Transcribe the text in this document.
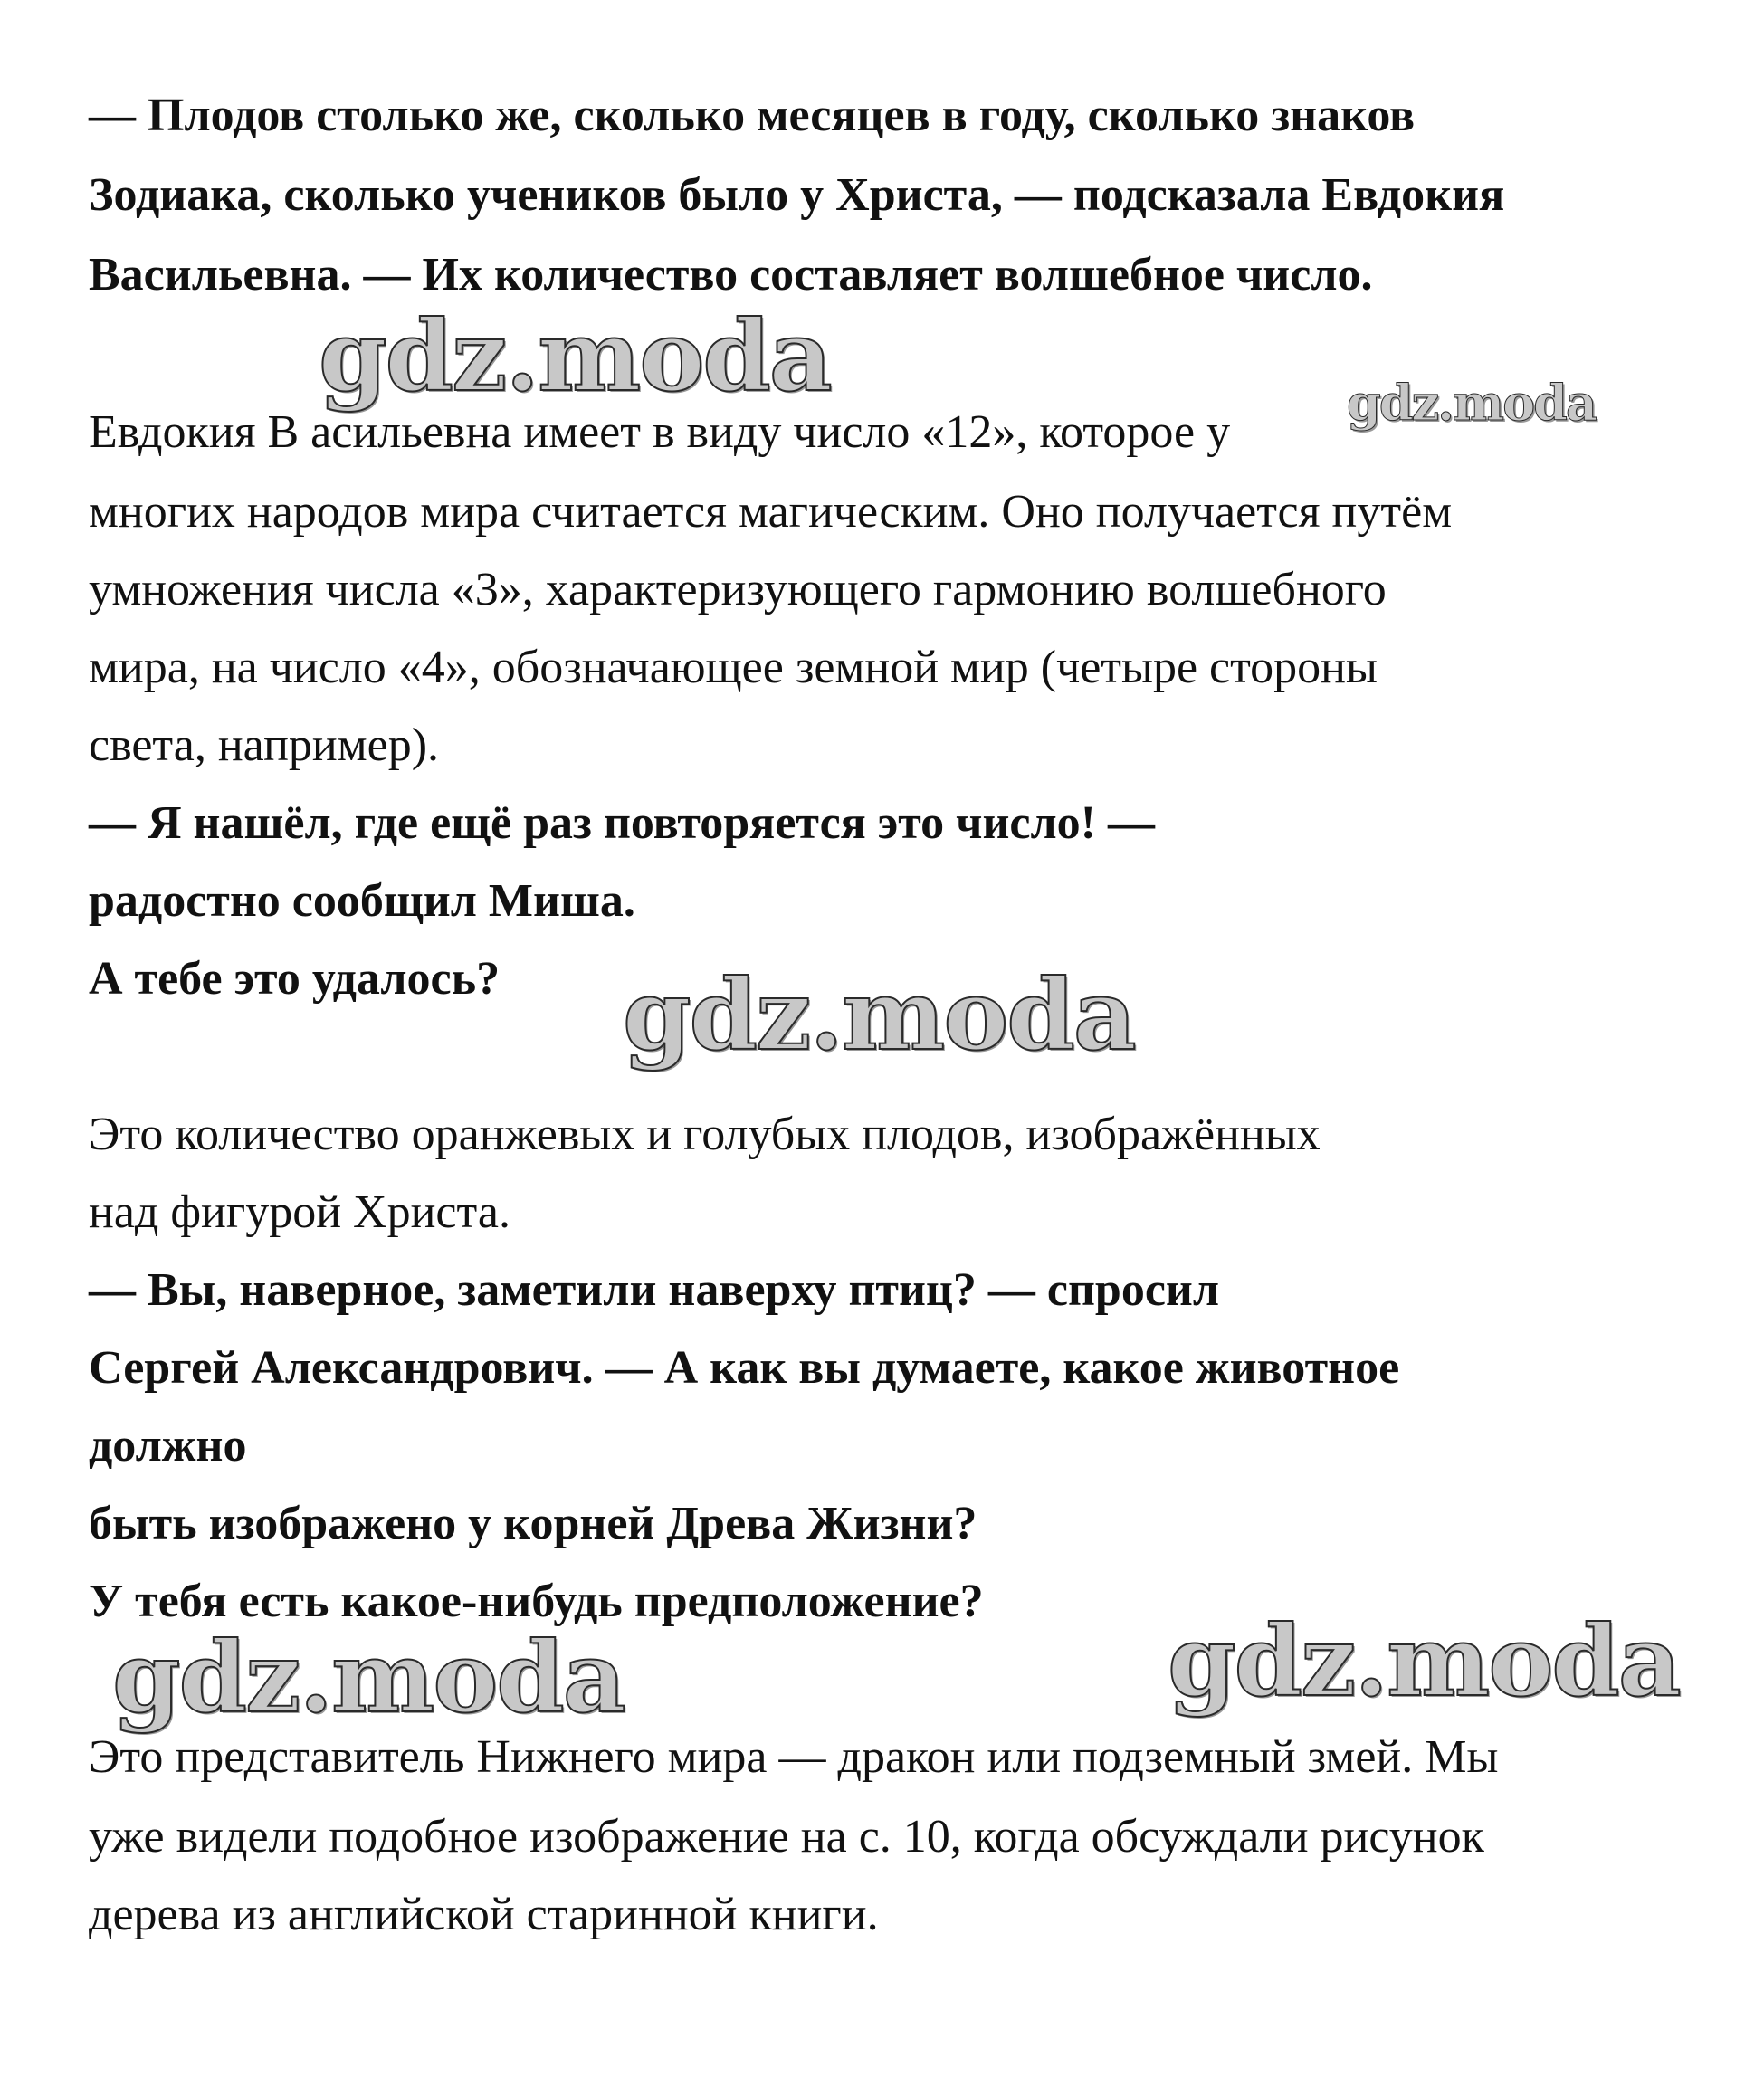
— Плодов столько же, сколько месяцев в году, сколько знаков
Зодиака, сколько учеников было у Христа, — подсказала Евдокия
Васильевна. — Их количество составляет волшебное число.
gdz.moda	gdz.moda
Евдокия В асильевна имеет в виду число «12», которое у
многих народов мира считается магическим. Оно получается путём
умножения числа «3», характеризующего гармонию волшебного
мира, на число «4», обозначающее земной мир (четыре стороны
света, например).
— Я нашёл, где ещё раз повторяется это число! —
радостно сообщил Миша.
А тебе это удалось? gdz.moda
Это количество оранжевых и голубых плодов, изображённых
над фигурой Христа.
— Вы, наверное, заметили наверху птиц? — спросил
Сергей Александрович. — А как вы думаете, какое животное
должно
быть изображено у корней Древа Жизни?
У тебя есть какое-нибудь предположение?
gdz.moda	gdz.moda
Это представитель Нижнего мира — дракон или подземный змей. Мы
уже видели подобное изображение на с. 10, когда обсуждали рисунок
дерева из английской старинной книги.
